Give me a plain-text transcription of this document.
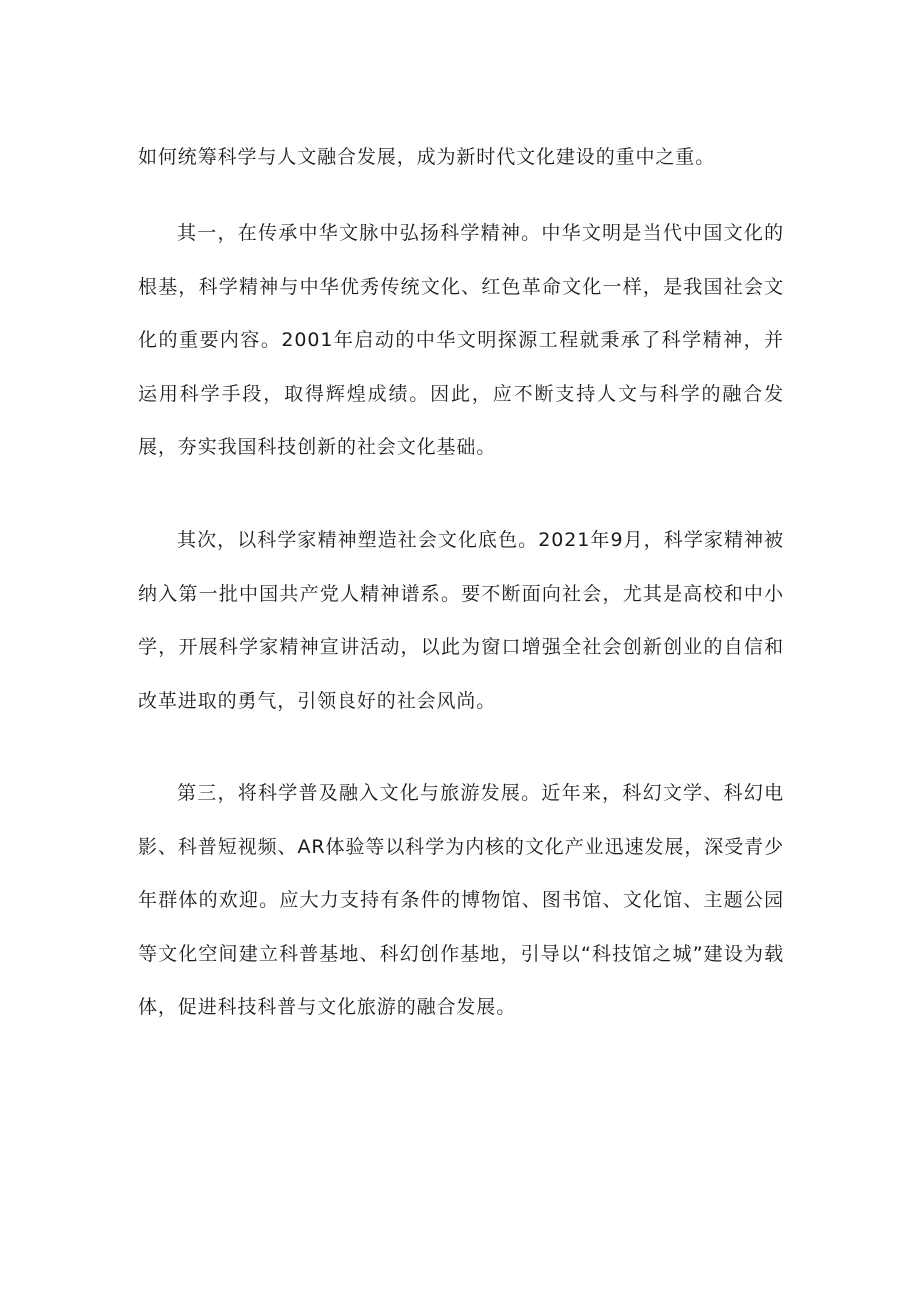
如何统筹科学与人文融合发展，成为新时代文化建设的重中之重。

其一，在传承中华文脉中弘扬科学精神。中华文明是当代中国文化的根基，科学精神与中华优秀传统文化、红色革命文化一样，是我国社会文化的重要内容。2001年启动的中华文明探源工程就秉承了科学精神，并运用科学手段，取得辉煌成绩。因此，应不断支持人文与科学的融合发展，夯实我国科技创新的社会文化基础。

其次，以科学家精神塑造社会文化底色。2021年9月，科学家精神被纳入第一批中国共产党人精神谱系。要不断面向社会，尤其是高校和中小学，开展科学家精神宣讲活动，以此为窗口增强全社会创新创业的自信和改革进取的勇气，引领良好的社会风尚。

第三，将科学普及融入文化与旅游发展。近年来，科幻文学、科幻电影、科普短视频、AR体验等以科学为内核的文化产业迅速发展，深受青少年群体的欢迎。应大力支持有条件的博物馆、图书馆、文化馆、主题公园等文化空间建立科普基地、科幻创作基地，引导以“科技馆之城”建设为载体，促进科技科普与文化旅游的融合发展。
